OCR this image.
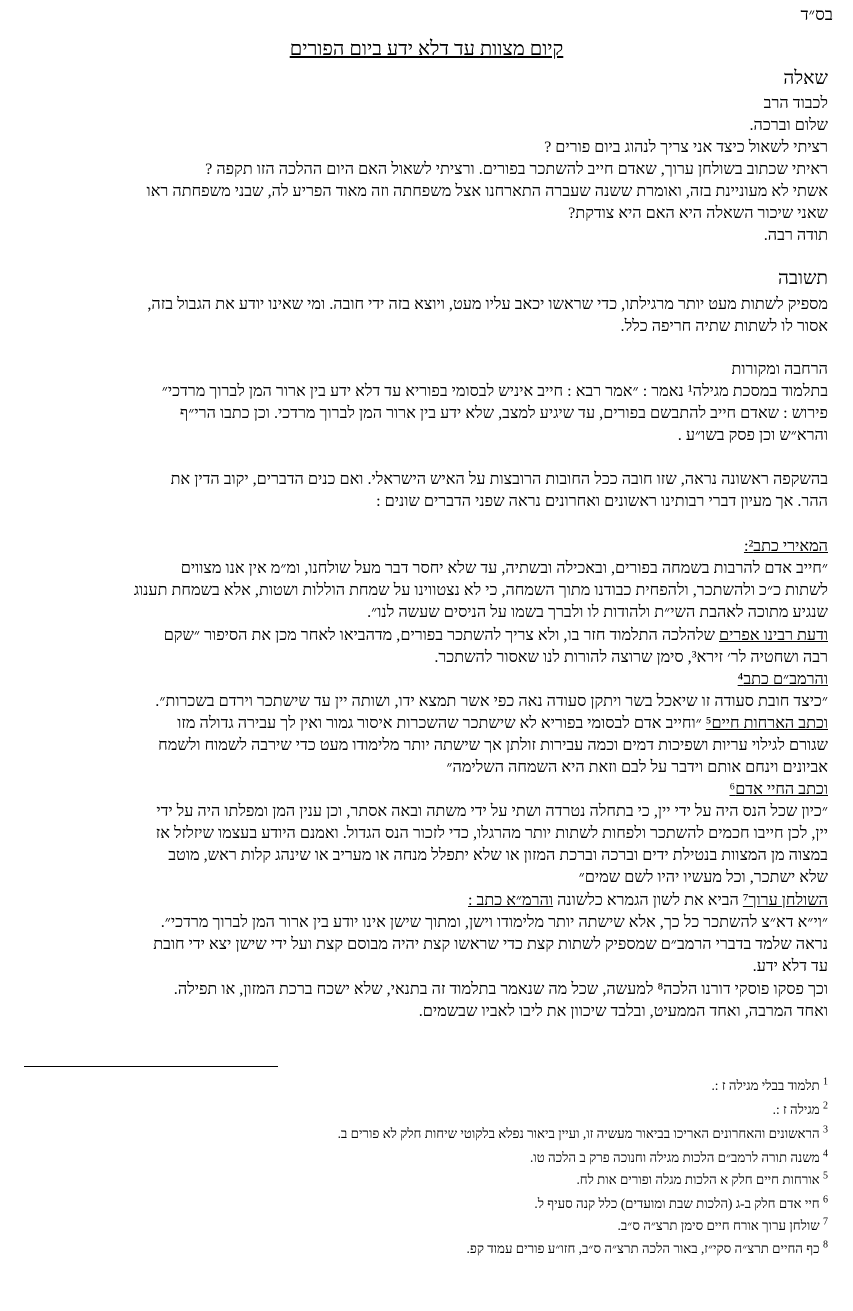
בס״ד
קיום מצוות עד דלא ידע ביום הפורים
שאלה
לכבוד הרב
שלום וברכה.
רציתי לשאול כיצד אני צריך לנהוג ביום פורים ?
ראיתי שכתוב בשולחן ערוך, שאדם חייב להשתכר בפורים. ורציתי לשאול האם היום ההלכה הזו תקפה ?
אשתי לא מעוניינת בזה, ואומרת ששנה שעברה התארחנו אצל משפחתה וזה מאוד הפריע לה, שבני משפחתה ראו
שאני שיכור השאלה היא האם היא צודקת?
תודה רבה.
תשובה
מספיק לשתות מעט יותר מרגילתו, כדי שראשו יכאב עליו מעט, ויוצא בזה ידי חובה. ומי שאינו יודע את הגבול בזה,
אסור לו לשתות שתיה חריפה כלל.
הרחבה ומקורות
בתלמוד במסכת מגילה¹ נאמר : ״אמר רבא : חייב איניש לבסומי בפוריא עד דלא ידע בין ארור המן לברוך מרדכי״
פירוש : שאדם חייב להתבשם בפורים, עד שיגיע למצב, שלא ידע בין ארור המן לברוך מרדכי. וכן כתבו הרי״ף
והרא״ש וכן פסק בשו״ע .
בהשקפה ראשונה נראה, שזו חובה ככל החובות הרובצות על האיש הישראלי. ואם כנים הדברים, יקוב הדין את
ההר. אך מעיון דברי רבותינו ראשונים ואחרונים נראה שפני הדברים שונים :
המאירי כתב²:
״חייב אדם להרבות בשמחה בפורים, ובאכילה ובשתיה, עד שלא יחסר דבר מעל שולחנו, ומ״מ אין אנו מצווים
לשתות כ״כ ולהשתכר, ולהפחית כבודנו מתוך השמחה, כי לא נצטווינו על שמחת הוללות ושטות, אלא בשמחת תענוג
שנגיע מתוכה לאהבת השי״ת ולהודות לו ולברך בשמו על הניסים שעשה לנו״.
ודעת רבינו אפרים שלהלכה התלמוד חזר בו, ולא צריך להשתכר בפורים, מדהביאו לאחר מכן את הסיפור ״שקם
רבה ושחטיה לר׳ זירא³, סימן שרוצה להורות לנו שאסור להשתכר.
והרמב״ם כתב⁴
״כיצד חובת סעודה זו שיאכל בשר ויתקן סעודה נאה כפי אשר תמצא ידו, ושותה יין עד שישתכר וירדם בשכרות״.
וכתב הארחות חיים⁵ ״וחייב אדם לבסומי בפוריא לא שישתכר שהשכרות איסור גמור ואין לך עבירה גדולה מזו
שגורם לגילוי עריות ושפיכות דמים וכמה עבירות זולתן אך שישתה יותר מלימודו מעט כדי שירבה לשמוח ולשמח
אביונים וינחם אותם וידבר על לבם וזאת היא השמחה השלימה״
וכתב החיי אדם⁶
״כיון שכל הנס היה על ידי יין, כי בתחלה נטרדה ושתי על ידי משתה ובאה אסתר, וכן ענין המן ומפלתו היה על ידי
יין, לכן חייבו חכמים להשתכר ולפחות לשתות יותר מהרגלו, כדי לזכור הנס הגדול. ואמנם היודע בעצמו שיזלזל אז
במצוה מן המצוות בנטילת ידים וברכה וברכת המזון או שלא יתפלל מנחה או מעריב או שינהג קלות ראש, מוטב
שלא ישתכר, וכל מעשיו יהיו לשם שמים״
השולחן ערוך⁷ הביא את לשון הגמרא כלשונה והרמ״א כתב :
״וי״א דא״צ להשתכר כל כך, אלא שישתה יותר מלימודו וישן, ומתוך שישן אינו יודע בין ארור המן לברוך מרדכי״.
נראה שלמד בדברי הרמב״ם שמספיק לשתות קצת כדי שראשו קצת יהיה מבוסם קצת ועל ידי שישן יצא ידי חובת
עד דלא ידע.
וכך פסקו פוסקי דורנו הלכה⁸ למעשה, שכל מה שנאמר בתלמוד זה בתנאי, שלא ישכח ברכת המזון, או תפילה.
ואחד המרבה, ואחד הממעיט, ובלבד שיכוון את ליבו לאביו שבשמים.
$^1$ תלמוד בבלי מגילה ז :.
$^2$ מגילה ז :.
$^3$ הראשונים והאחרונים האריכו בביאור מעשיה זו, ועיין ביאור נפלא בלקוטי שיחות חלק לא פורים ב.
$^4$ משנה תורה לרמב״ם הלכות מגילה וחנוכה פרק ב הלכה טו.
$^5$ אורחות חיים חלק א הלכות מגלה ופורים אות לח.
$^6$ חיי אדם חלק ב-ג (הלכות שבת ומועדים) כלל קנה סעיף ל.
$^7$ שולחן ערוך אורח חיים סימן תרצ״ה ס״ב.
$^8$ כף החיים תרצ״ה סקי״ז, באור הלכה תרצ״ה ס״ב, חזו״ע פורים עמוד קפ.
